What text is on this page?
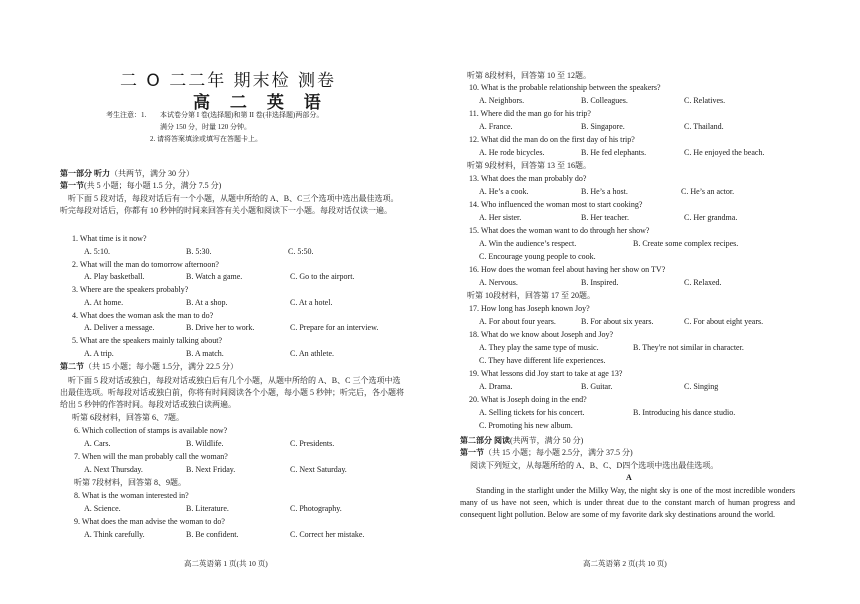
二 O 二二年 期末检 测卷
高 二 英 语
考生注意：1. 本试卷分第 I 卷(选择题)和第 II 卷(非选择题)两部分。
满分 150 分，时量 120 分钟。
2. 请将答案填涂或填写在答题卡上。
第一部分 听力（共两节，满分 30 分）
第一节(共 5 小题；每小题 1.5 分，满分 7.5 分)
听下面 5 段对话，每段对话后有一个小题，从题中所给的 A、B、C三个选项中选出最佳选项。听完每段对话后，你都有 10 秒钟的时间来回答有关小题和阅读下一小题。每段对话仅读一遍。
1. What time is it now?
A. 5:10.	B. 5:30.	C. 5:50.
2. What will the man do tomorrow afternoon?
A. Play basketball.	B. Watch a game.	C. Go to the airport.
3. Where are the speakers probably?
A. At home.	B. At a shop.	C. At a hotel.
4. What does the woman ask the man to do?
A. Deliver a message.	B. Drive her to work.	C. Prepare for an interview.
5. What are the speakers mainly talking about?
A. A trip.	B. A match.	C. An athlete.
第二节（共 15 小题；每小题 1.5分，满分 22.5 分）
听下面 5 段对话或独白，每段对话或独白后有几个小题，从题中所给的 A、B、C 三个选项中选出最佳选项。听每段对话或独白前，你将有时间阅读各个小题，每小题 5 秒钟；听完后，各小题将给出 5 秒钟的作答时间。每段对话或独白读两遍。
听第 6段材料，回答第 6、7题。
6. Which collection of stamps is available now?
A. Cars.	B. Wildlife.	C. Presidents.
7. When will the man probably call the woman?
A. Next Thursday.	B. Next Friday.	C. Next Saturday.
听第 7段材料，回答第 8、9题。
8. What is the woman interested in?
A. Science.	B. Literature.	C. Photography.
9. What does the man advise the woman to do?
A. Think carefully.	B. Be confident.	C. Correct her mistake.
高二英语第 1 页(共 10 页)
听第 8段材料，回答第 10 至 12题。
10. What is the probable relationship between the speakers?
A. Neighbors.	B. Colleagues.	C. Relatives.
11. Where did the man go for his trip?
A. France.	B. Singapore.	C. Thailand.
12. What did the man do on the first day of his trip?
A. He rode bicycles.	B. He fed elephants.	C. He enjoyed the beach.
听第 9段材料，回答第 13 至 16题。
13. What does the man probably do?
A. He’s a cook.	B. He’s a host.	C. He’s an actor.
14. Who influenced the woman most to start cooking?
A. Her sister.	B. Her teacher.	C. Her grandma.
15. What does the woman want to do through her show?
A. Win the audience’s respect.	B. Create some complex recipes.
C. Encourage young people to cook.
16. How does the woman feel about having her show on TV?
A. Nervous.	B. Inspired.	C. Relaxed.
听第 10段材料，回答第 17 至 20题。
17. How long has Joseph known Joy?
A. For about four years.	B. For about six years.	C. For about eight years.
18. What do we know about Joseph and Joy?
A. They play the same type of music.	B. They're not similar in character.
C. They have different life experiences.
19. What lessons did Joy start to take at age 13?
A. Drama.	B. Guitar.	C. Singing
20. What is Joseph doing in the end?
A. Selling tickets for his concert.	B. Introducing his dance studio.
C. Promoting his new album.
第二部分 阅读(共两节，满分 50 分)
第一节（共 15 小题；每小题 2.5分，满分 37.5 分)
阅读下列短文，从每题所给的 A、B、C、D四个选项中选出最佳选项。
A
Standing in the starlight under the Milky Way, the night sky is one of the most incredible wonders many of us have not seen, which is under threat due to the constant march of human progress and consequent light pollution. Below are some of my favorite dark sky destinations around the world.
高二英语第 2 页(共 10 页)
